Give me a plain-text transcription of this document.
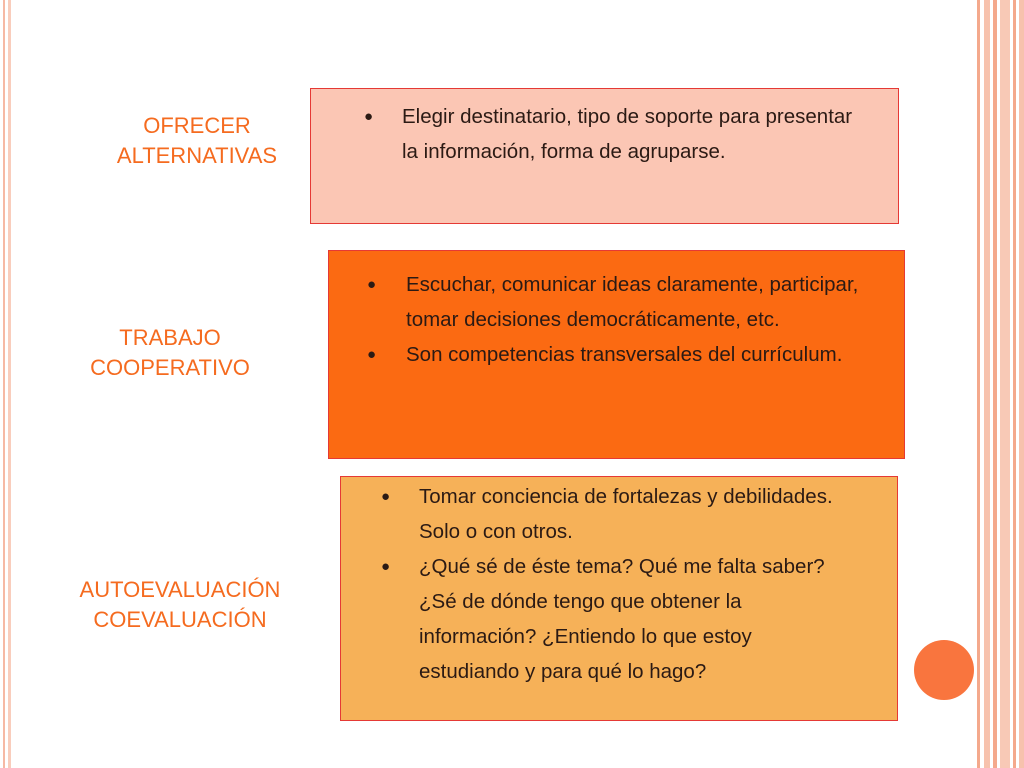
OFRECER
ALTERNATIVAS
● Elegir destinatario, tipo de soporte para presentar la información, forma de agruparse.
TRABAJO
COOPERATIVO
● Escuchar, comunicar ideas claramente, participar, tomar decisiones democráticamente, etc.
● Son competencias transversales del currículum.
AUTOEVALUACIÓN
COEVALUACIÓN
● Tomar conciencia de fortalezas y debilidades. Solo o con otros.
● ¿Qué sé de éste tema? Qué me falta saber? ¿Sé de dónde tengo que obtener la información? ¿Entiendo lo que estoy estudiando y para qué lo hago?
